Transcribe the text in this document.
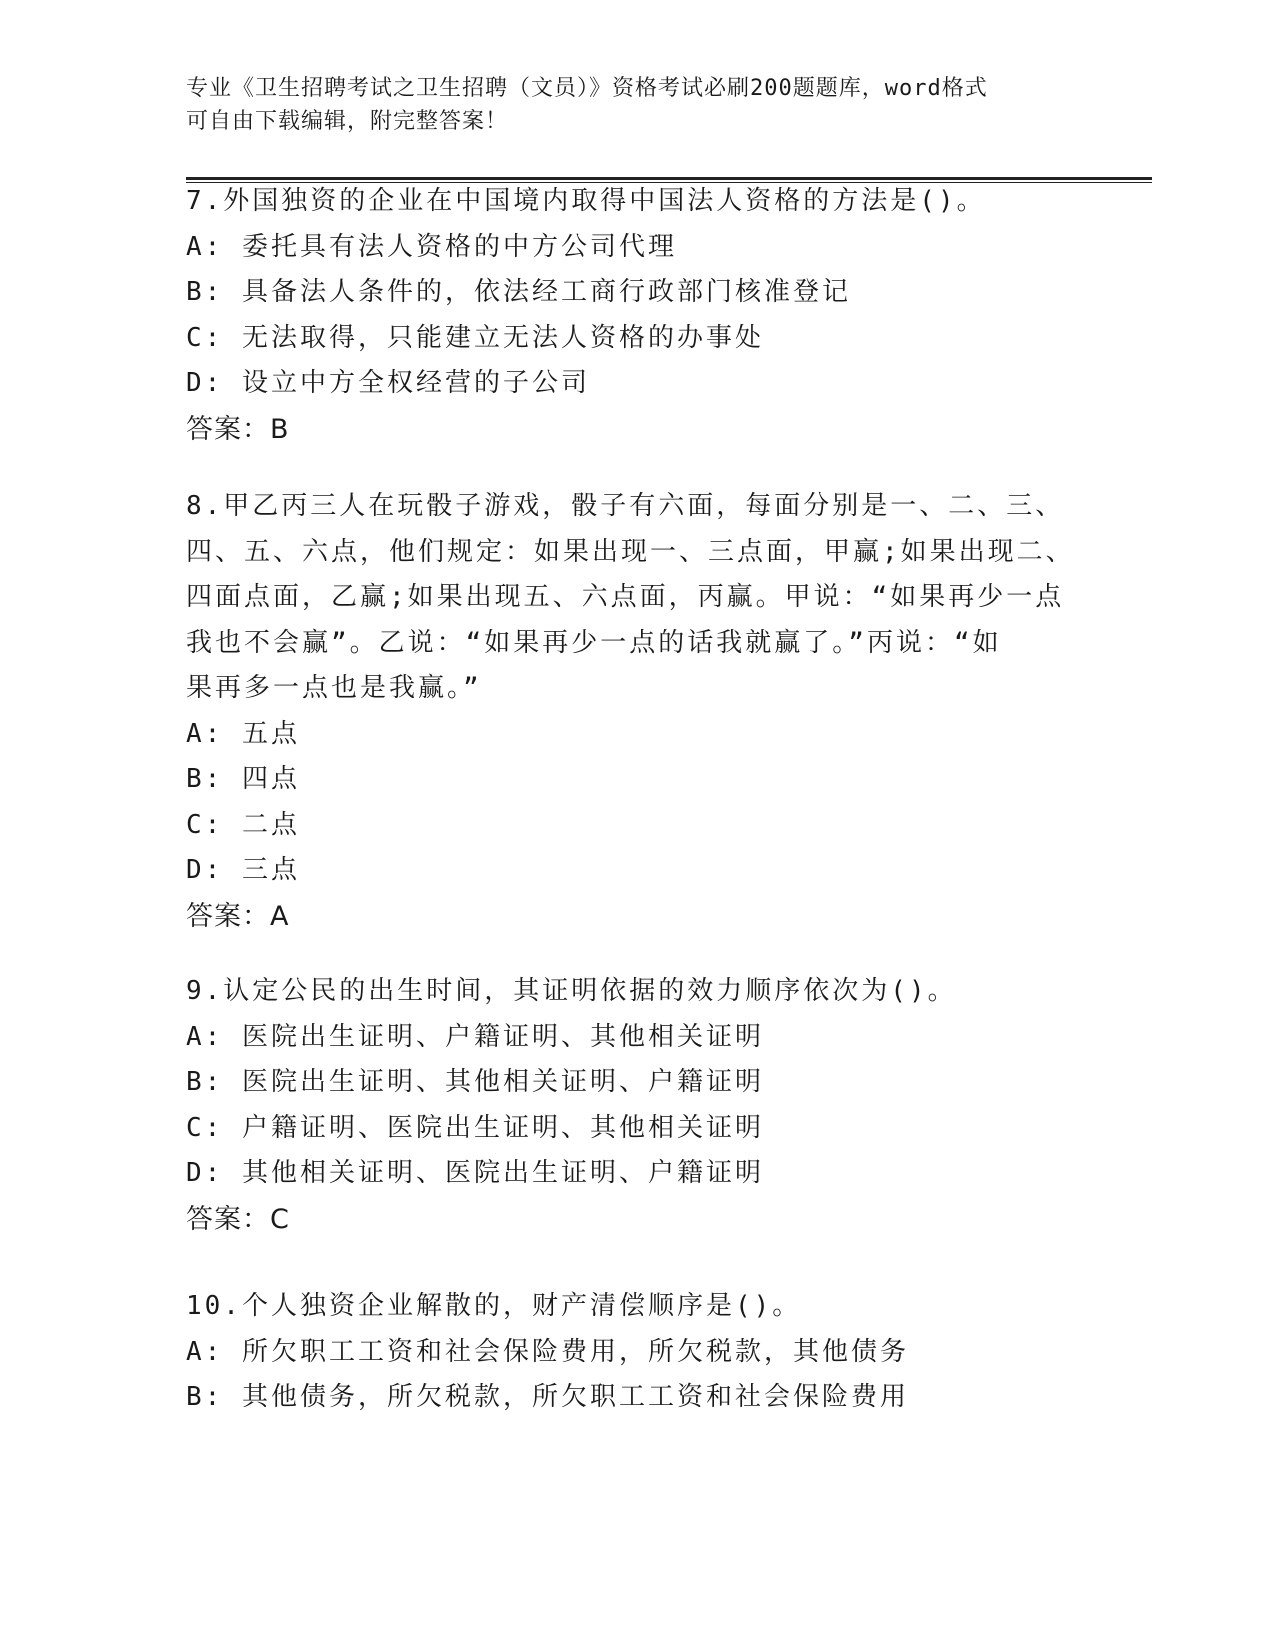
专业《卫生招聘考试之卫生招聘（文员）》资格考试必刷200题题库，word格式
可自由下载编辑，附完整答案！
7.外国独资的企业在中国境内取得中国法人资格的方法是()。
A: 委托具有法人资格的中方公司代理
B: 具备法人条件的，依法经工商行政部门核准登记
C: 无法取得，只能建立无法人资格的办事处
D: 设立中方全权经营的子公司
答案：B
8.甲乙丙三人在玩骰子游戏，骰子有六面，每面分别是一、二、三、
四、五、六点，他们规定：如果出现一、三点面，甲赢;如果出现二、
四面点面，乙赢;如果出现五、六点面，丙赢。甲说：“如果再少一点
我也不会赢”。乙说：“如果再少一点的话我就赢了。”丙说：“如
果再多一点也是我赢。”
A: 五点
B: 四点
C: 二点
D: 三点
答案：A
9.认定公民的出生时间，其证明依据的效力顺序依次为()。
A: 医院出生证明、户籍证明、其他相关证明
B: 医院出生证明、其他相关证明、户籍证明
C: 户籍证明、医院出生证明、其他相关证明
D: 其他相关证明、医院出生证明、户籍证明
答案：C
10.个人独资企业解散的，财产清偿顺序是()。
A: 所欠职工工资和社会保险费用，所欠税款，其他债务
B: 其他债务，所欠税款，所欠职工工资和社会保险费用
